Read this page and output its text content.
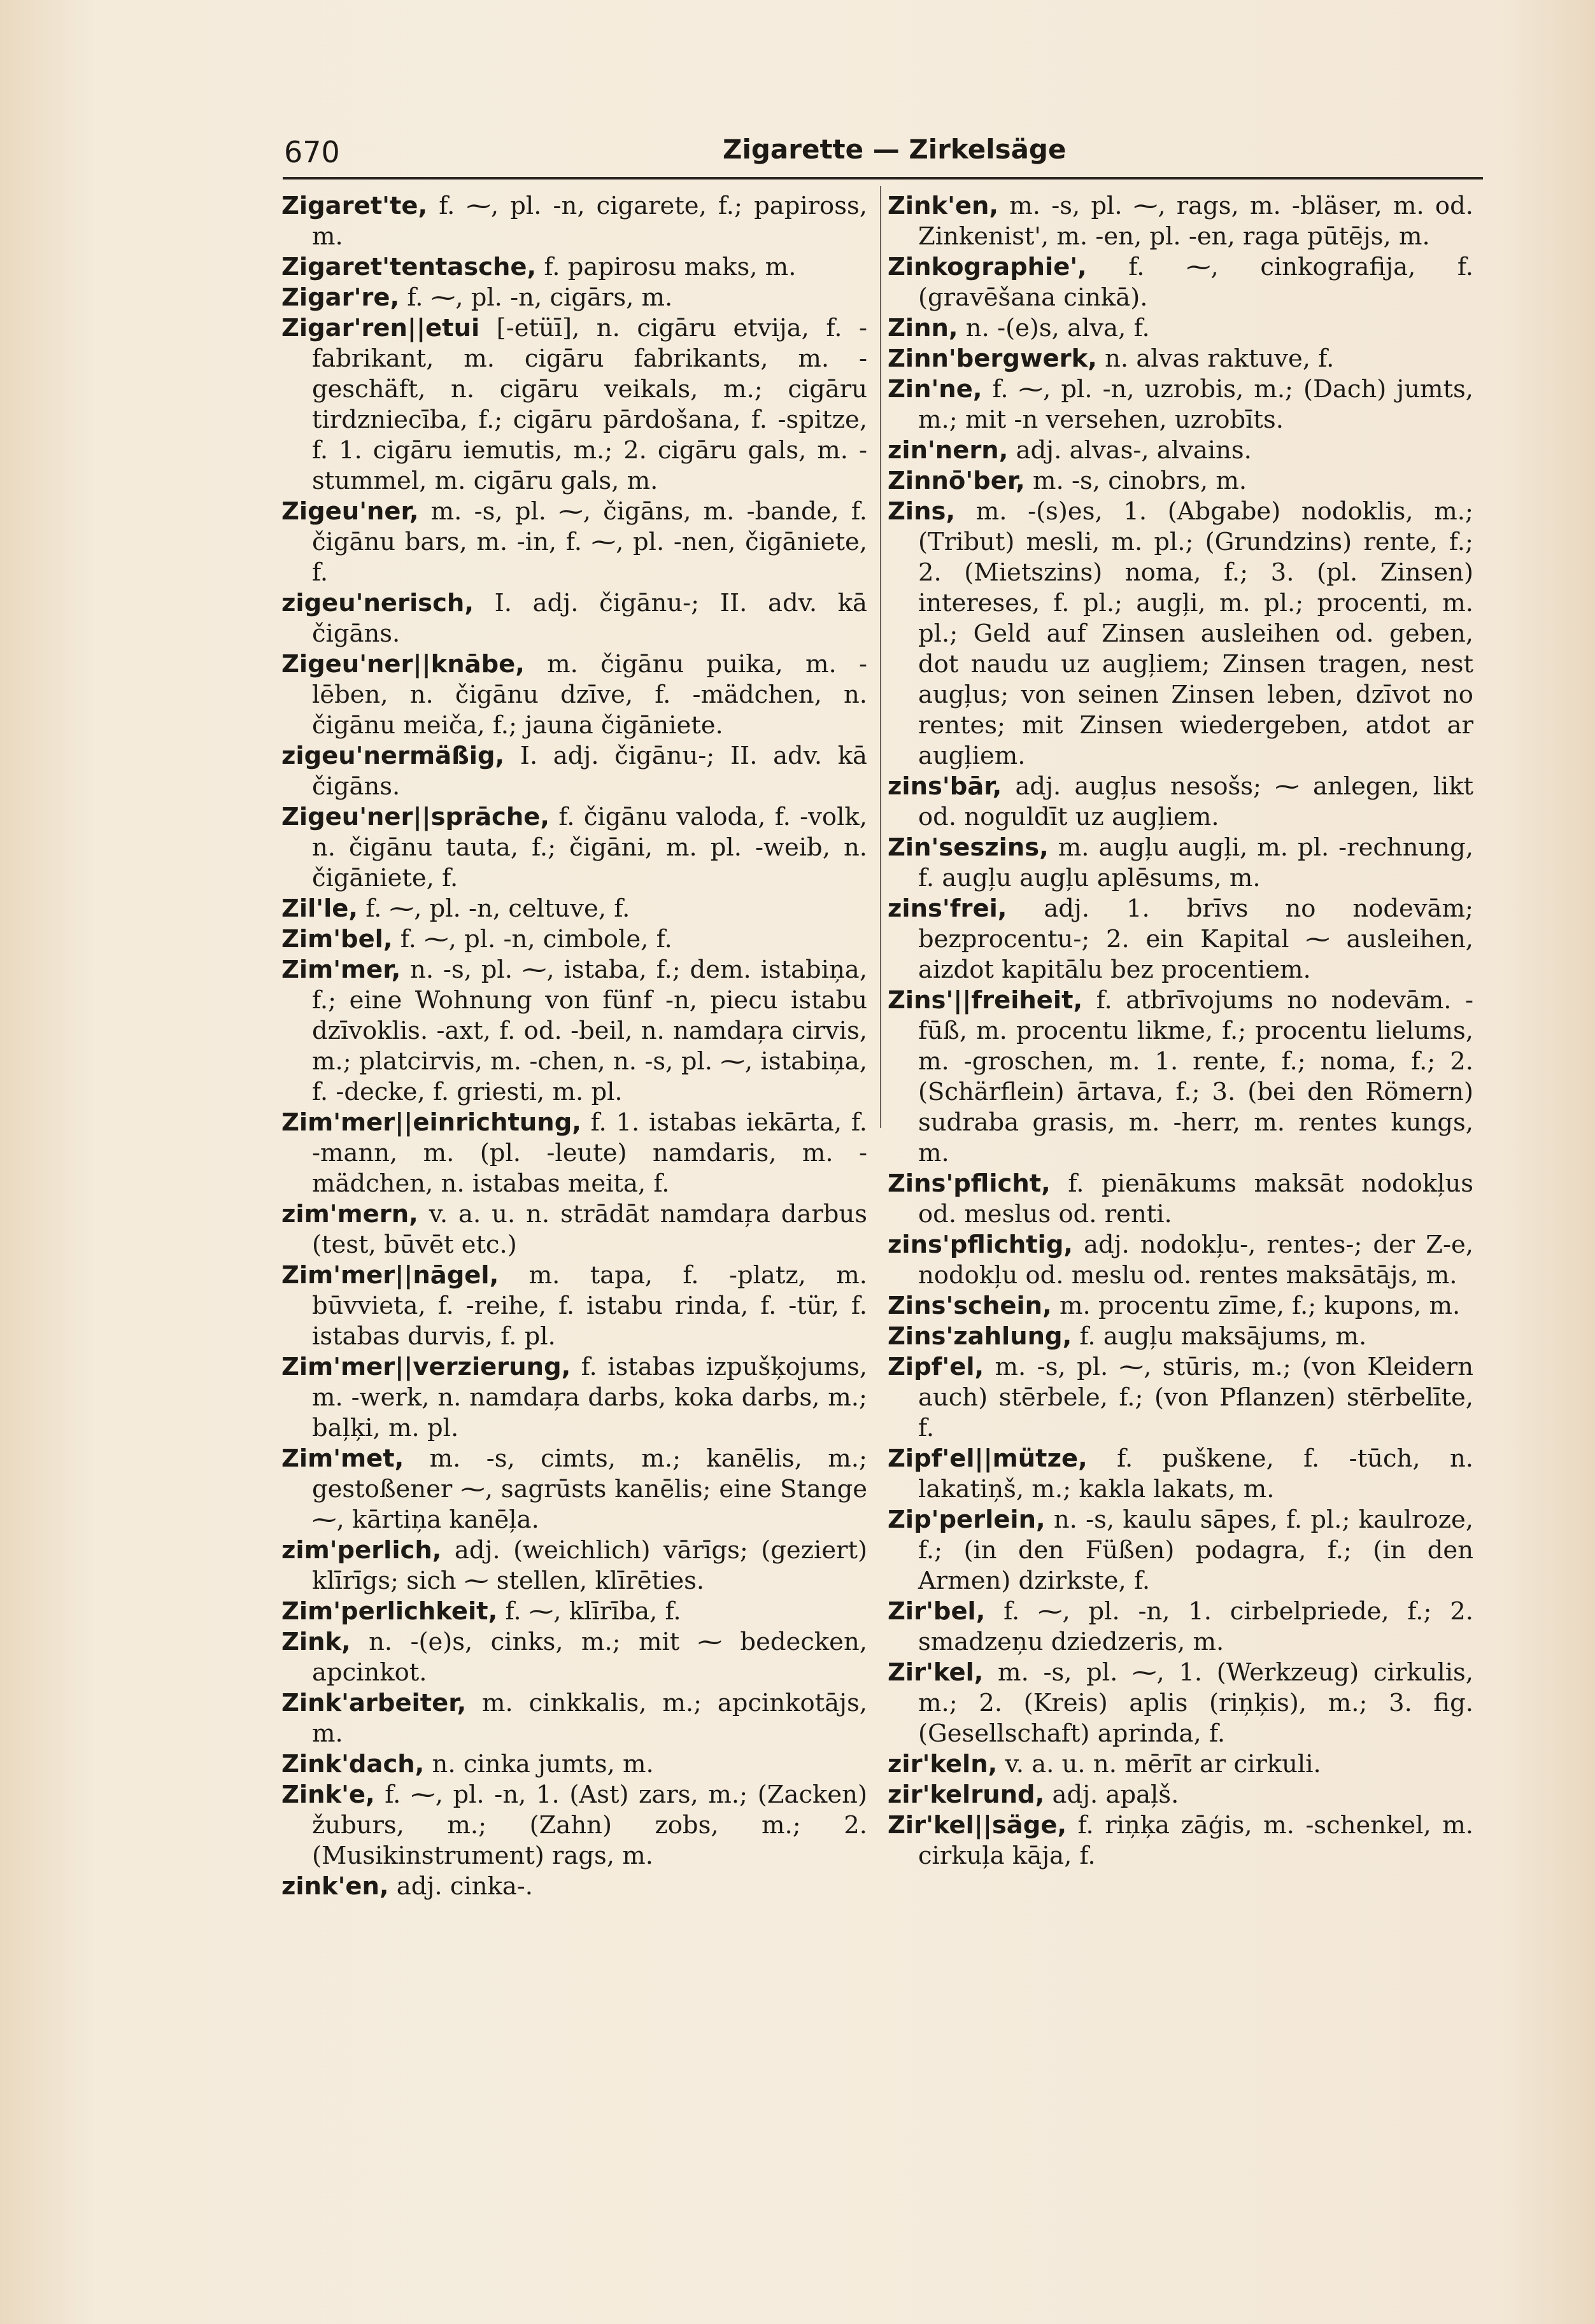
670	Zigarette — Zirkelsäge

Zigaret'te, f. ⁓, pl. -n, cigarete, f.; papiross, m.

Zigaret'tentasche, f. papirosu maks, m.

Zigar're, f. ⁓, pl. -n, cigārs, m.

Zigar'ren||etui [-etüī], n. cigāru etvija, f. -fabrikant, m. cigāru fabrikants, m. -geschäft, n. cigāru veikals, m.; cigāru tirdzniecība, f.; cigāru pārdošana, f. -spitze, f. 1. cigāru iemutis, m.; 2. cigāru gals, m. -stummel, m. cigāru gals, m.

Zigeu'ner, m. -s, pl. ⁓, čigāns, m. -bande, f. čigānu bars, m. -in, f. ⁓, pl. -nen, čigāniete, f.

zigeu'nerisch, I. adj. čigānu-; II. adv. kā čigāns.

Zigeu'ner||knābe, m. čigānu puika, m. -lēben, n. čigānu dzīve, f. -mädchen, n. čigānu meiča, f.; jauna čigāniete.

zigeu'nermäßig, I. adj. čigānu-; II. adv. kā čigāns.

Zigeu'ner||sprāche, f. čigānu valoda, f. -volk, n. čigānu tauta, f.; čigāni, m. pl. -weib, n. čigāniete, f.

Zil'le, f. ⁓, pl. -n, celtuve, f.

Zim'bel, f. ⁓, pl. -n, cimbole, f.

Zim'mer, n. -s, pl. ⁓, istaba, f.; dem. istabiņa, f.; eine Wohnung von fünf -n, piecu istabu dzīvoklis. -axt, f. od. -beil, n. namdaŗa cirvis, m.; platcirvis, m. -chen, n. -s, pl. ⁓, istabiņa, f. -decke, f. griesti, m. pl.

Zim'mer||einrichtung, f. 1. istabas iekārta, f. -mann, m. (pl. -leute) namdaris, m. -mädchen, n. istabas meita, f.

zim'mern, v. a. u. n. strādāt namdaŗa darbus (test, būvēt etc.)

Zim'mer||nāgel, m. tapa, f. -platz, m. būvvieta, f. -reihe, f. istabu rinda, f. -tür, f. istabas durvis, f. pl.

Zim'mer||verzierung, f. istabas izpušķojums, m. -werk, n. namdaŗa darbs, koka darbs, m.; baļķi, m. pl.

Zim'met, m. -s, cimts, m.; kanēlis, m.; gestoßener ⁓, sagrūsts kanēlis; eine Stange ⁓, kārtiņa kanēļa.

zim'perlich, adj. (weichlich) vārīgs; (geziert) klīrīgs; sich ⁓ stellen, klīrēties.

Zim'perlichkeit, f. ⁓, klīrība, f.

Zink, n. -(e)s, cinks, m.; mit ⁓ bedecken, apcinkot.

Zink'arbeiter, m. cinkkalis, m.; apcinkotājs, m.

Zink'dach, n. cinka jumts, m.

Zink'e, f. ⁓, pl. -n, 1. (Ast) zars, m.; (Zacken) žuburs, m.; (Zahn) zobs, m.; 2. (Musikinstrument) rags, m.

zink'en, adj. cinka-.

Zink'en, m. -s, pl. ⁓, rags, m. -bläser, m. od. Zinkenist', m. -en, pl. -en, raga pūtējs, m.

Zinkographie', f. ⁓, cinkografija, f. (gravēšana cinkā).

Zinn, n. -(e)s, alva, f.

Zinn'bergwerk, n. alvas raktuve, f.

Zin'ne, f. ⁓, pl. -n, uzrobis, m.; (Dach) jumts, m.; mit -n versehen, uzrobīts.

zin'nern, adj. alvas-, alvains.

Zinnō'ber, m. -s, cinobrs, m.

Zins, m. -(s)es, 1. (Abgabe) nodoklis, m.; (Tribut) mesli, m. pl.; (Grundzins) rente, f.; 2. (Mietszins) noma, f.; 3. (pl. Zinsen) intereses, f. pl.; augļi, m. pl.; procenti, m. pl.; Geld auf Zinsen ausleihen od. geben, dot naudu uz augļiem; Zinsen tragen, nest augļus; von seinen Zinsen leben, dzīvot no rentes; mit Zinsen wiedergeben, atdot ar augļiem.

zins'bār, adj. augļus nesošs; ⁓ anlegen, likt od. noguldīt uz augļiem.

Zin'seszins, m. augļu augļi, m. pl. -rechnung, f. augļu augļu aplēsums, m.

zins'frei, adj. 1. brīvs no nodevām; bezprocentu-; 2. ein Kapital ⁓ ausleihen, aizdot kapitālu bez procentiem.

Zins'||freiheit, f. atbrīvojums no nodevām. -fūß, m. procentu likme, f.; procentu lielums, m. -groschen, m. 1. rente, f.; noma, f.; 2. (Schärflein) ārtava, f.; 3. (bei den Römern) sudraba grasis, m. -herr, m. rentes kungs, m.

Zins'pflicht, f. pienākums maksāt nodokļus od. meslus od. renti.

zins'pflichtig, adj. nodokļu-, rentes-; der Z-e, nodokļu od. meslu od. rentes maksātājs, m.

Zins'schein, m. procentu zīme, f.; kupons, m.

Zins'zahlung, f. augļu maksājums, m.

Zipf'el, m. -s, pl. ⁓, stūris, m.; (von Kleidern auch) stērbele, f.; (von Pflanzen) stērbelīte, f.

Zipf'el||mütze, f. puškene, f. -tūch, n. lakatiņš, m.; kakla lakats, m.

Zip'perlein, n. -s, kaulu sāpes, f. pl.; kaulroze, f.; (in den Füßen) podagra, f.; (in den Armen) dzirkste, f.

Zir'bel, f. ⁓, pl. -n, 1. cirbelpriede, f.; 2. smadzeņu dziedzeris, m.

Zir'kel, m. -s, pl. ⁓, 1. (Werkzeug) cirkulis, m.; 2. (Kreis) aplis (riņķis), m.; 3. fig. (Gesellschaft) aprinda, f.

zir'keln, v. a. u. n. mērīt ar cirkuli.

zir'kelrund, adj. apaļš.

Zir'kel||säge, f. riņķa zāģis, m. -schenkel, m. cirkuļa kāja, f.
